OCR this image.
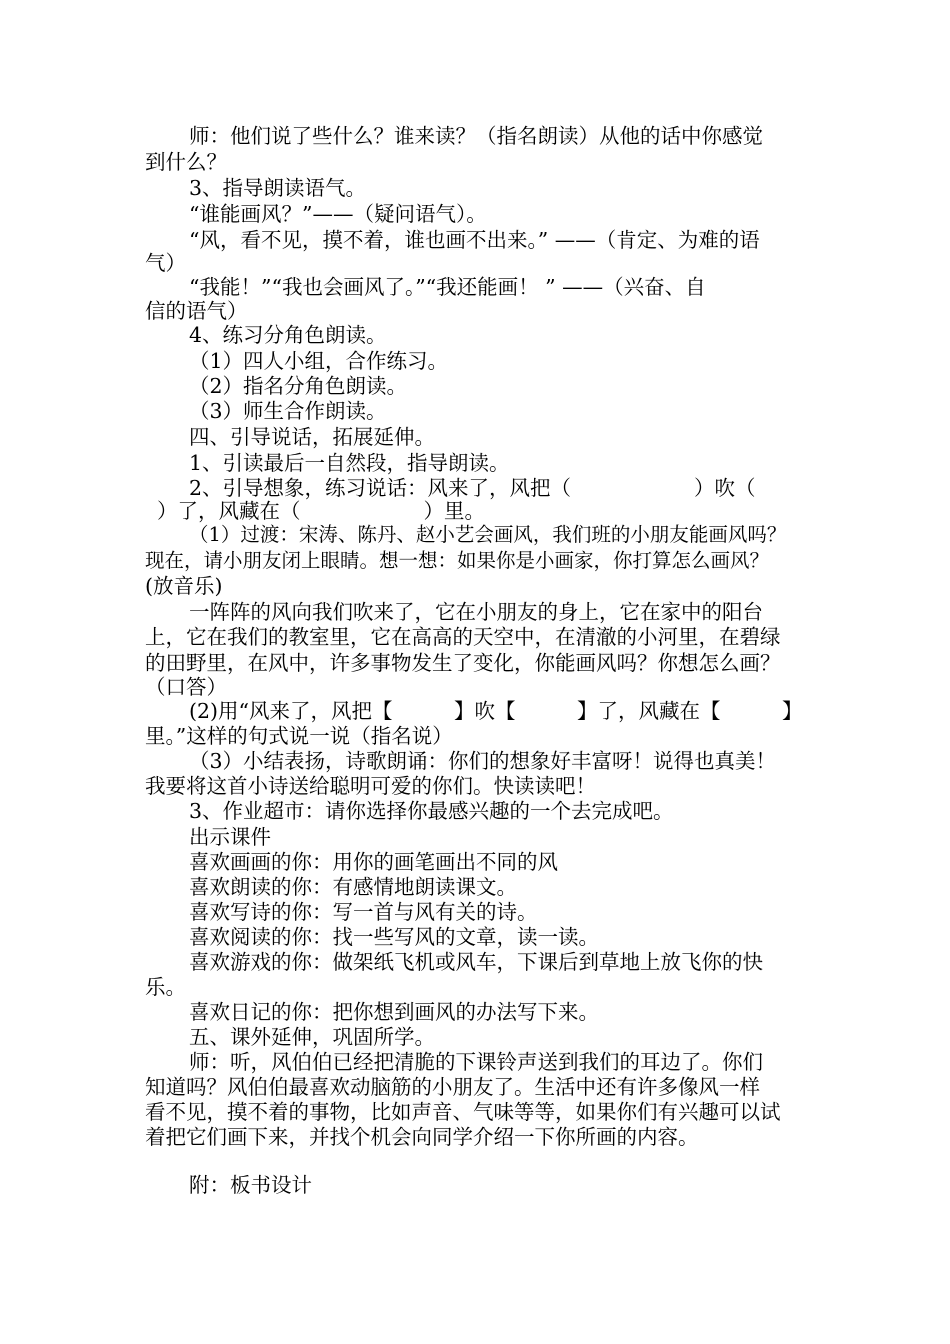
师：他们说了些什么？谁来读？（指名朗读）从他的话中你感觉
到什么？
3、指导朗读语气。
“谁能画风？”——（疑问语气）。
“风，看不见，摸不着，谁也画不出来。” ——（肯定、为难的语
气）
“我能！”“我也会画风了。”“我还能画！ ” ——（兴奋、自
信的语气）
4、练习分角色朗读。
（1）四人小组，合作练习。
（2）指名分角色朗读。
（3）师生合作朗读。
四、引导说话，拓展延伸。
1、引读最后一自然段，指导朗读。
2、引导想象，练习说话：风来了，风把（　　　　　　）吹（
）了，风藏在（　　　　　　）里。
（1）过渡：宋涛、陈丹、赵小艺会画风，我们班的小朋友能画风吗？
现在，请小朋友闭上眼睛。想一想：如果你是小画家，你打算怎么画风？
(放音乐)
一阵阵的风向我们吹来了，它在小朋友的身上，它在家中的阳台
上，它在我们的教室里，它在高高的天空中，在清澈的小河里，在碧绿
的田野里，在风中，许多事物发生了变化，你能画风吗？你想怎么画？
（口答）
(2)用“风来了，风把【　　　】吹【　　　】了，风藏在【　　　】
里。”这样的句式说一说（指名说）
（3）小结表扬，诗歌朗诵：你们的想象好丰富呀！说得也真美！
我要将这首小诗送给聪明可爱的你们。快读读吧！
3、作业超市：请你选择你最感兴趣的一个去完成吧。
出示课件
喜欢画画的你：用你的画笔画出不同的风
喜欢朗读的你：有感情地朗读课文。
喜欢写诗的你：写一首与风有关的诗。
喜欢阅读的你：找一些写风的文章，读一读。
喜欢游戏的你：做架纸飞机或风车，下课后到草地上放飞你的快
乐。
喜欢日记的你：把你想到画风的办法写下来。
五、课外延伸，巩固所学。
师：听，风伯伯已经把清脆的下课铃声送到我们的耳边了。你们
知道吗？风伯伯最喜欢动脑筋的小朋友了。生活中还有许多像风一样
看不见，摸不着的事物，比如声音、气味等等，如果你们有兴趣可以试
着把它们画下来，并找个机会向同学介绍一下你所画的内容。
附：板书设计
